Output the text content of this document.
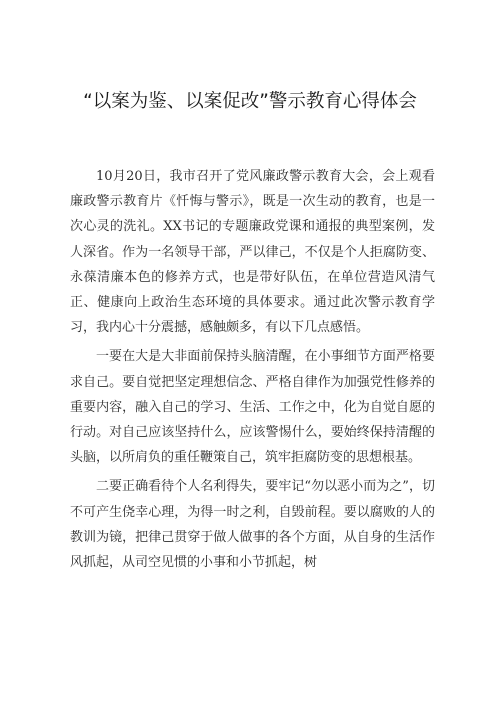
“以案为鉴、以案促改”警示教育心得体会

10月20日，我市召开了党风廉政警示教育大会，会上观看廉政警示教育片《忏悔与警示》，既是一次生动的教育，也是一次心灵的洗礼。XX书记的专题廉政党课和通报的典型案例，发人深省。作为一名领导干部，严以律己，不仅是个人拒腐防变、永葆清廉本色的修养方式，也是带好队伍，在单位营造风清气正、健康向上政治生态环境的具体要求。通过此次警示教育学习，我内心十分震撼，感触颇多，有以下几点感悟。

一要在大是大非面前保持头脑清醒，在小事细节方面严格要求自己。要自觉把坚定理想信念、严格自律作为加强党性修养的重要内容，融入自己的学习、生活、工作之中，化为自觉自愿的行动。对自己应该坚持什么，应该警惕什么，要始终保持清醒的头脑，以所肩负的重任鞭策自己，筑牢拒腐防变的思想根基。

二要正确看待个人名利得失，要牢记“勿以恶小而为之”，切不可产生侥幸心理，为得一时之利，自毁前程。要以腐败的人的教训为镜，把律己贯穿于做人做事的各个方面，从自身的生活作风抓起，从司空见惯的小事和小节抓起，树
